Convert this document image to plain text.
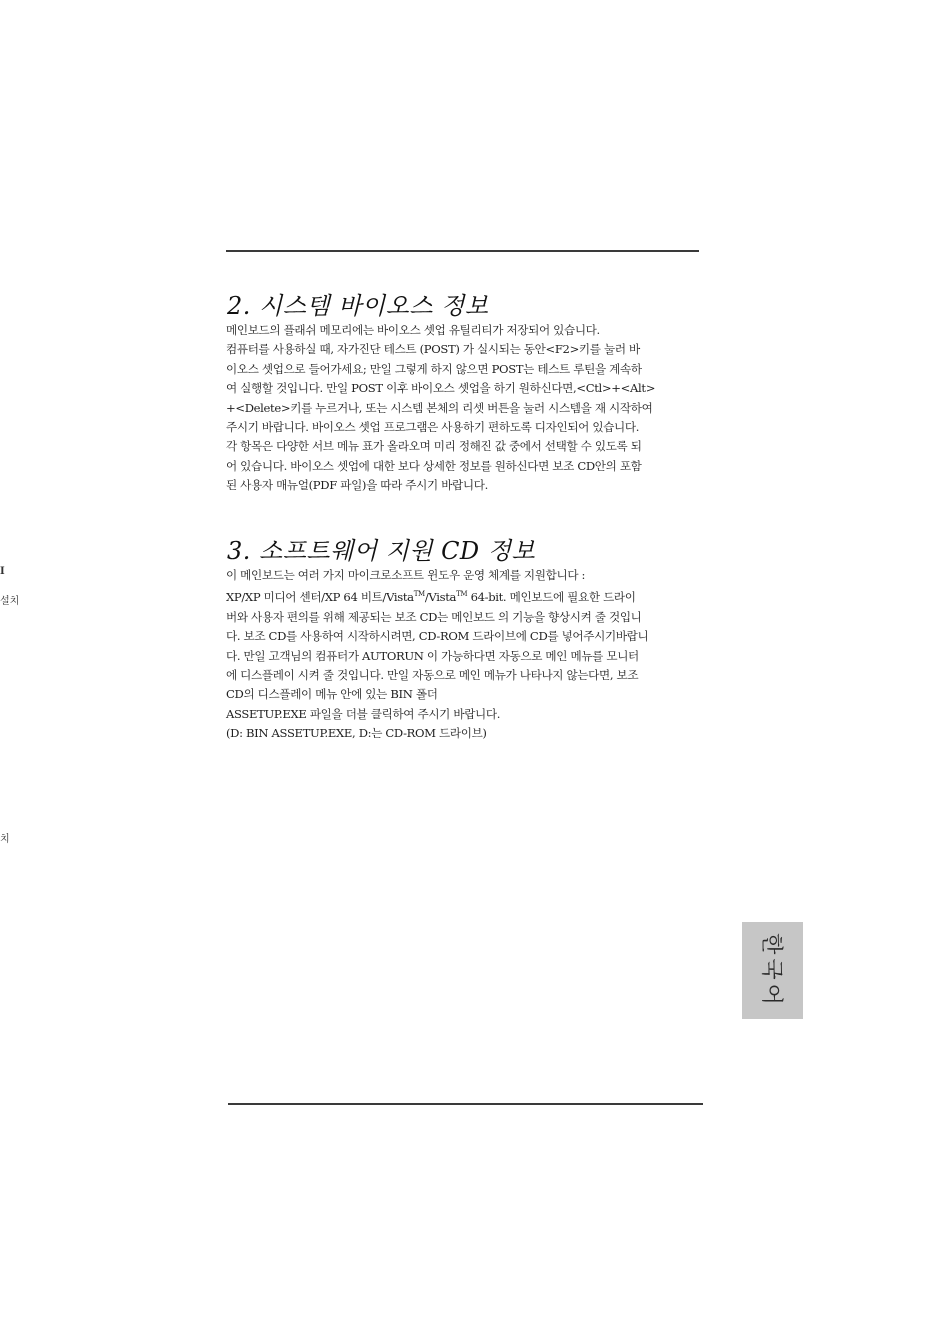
2. 시스템 바이오스 정보
메인보드의 플래쉬 메모리에는 바이오스 셋업 유틸리티가 저장되어 있습니다.
컴퓨터를 사용하실 때, 자가진단 테스트 (POST) 가 실시되는 동안<F2>키를 눌러 바
이오스 셋업으로 들어가세요; 만일 그렇게 하지 않으면 POST는 테스트 루틴을 계속하
여 실행할 것입니다. 만일 POST 이후 바이오스 셋업을 하기 원하신다면,<Ctl>+<Alt>
+<Delete>키를 누르거나, 또는 시스템 본체의 리셋 버튼을 눌러 시스템을 재 시작하여
주시기 바랍니다. 바이오스 셋업 프로그램은 사용하기 편하도록 디자인되어 있습니다.
각 항목은 다양한 서브 메뉴 표가 올라오며 미리 정해진 값 중에서 선택할 수 있도록 되
어 있습니다. 바이오스 셋업에 대한 보다 상세한 정보를 원하신다면 보조 CD안의 포함
된 사용자 매뉴얼(PDF 파일)을 따라 주시기 바랍니다.
3. 소프트웨어 지원 CD 정보
이 메인보드는 여러 가지 마이크로소프트 윈도우 운영 체계를 지원합니다 :
XP/XP 미디어 센터/XP 64 비트/Vista™/Vista™ 64-bit. 메인보드에 필요한 드라이
버와 사용자 편의를 위해 제공되는 보조 CD는 메인보드 의 기능을 향상시켜 줄 것입니
다. 보조 CD를 사용하여 시작하시려면, CD-ROM 드라이브에 CD를 넣어주시기바랍니
다. 만일 고객님의 컴퓨터가 AUTORUN 이 가능하다면 자동으로 메인 메뉴를 모니터
에 디스플레이 시켜 줄 것입니다. 만일 자동으로 메인 메뉴가 나타나지 않는다면, 보조
CD의 디스플레이 메뉴 안에 있는 BIN 폴더
ASSETUP.EXE 파일을 더블 클릭하여 주시기 바랍니다.
(D: BIN ASSETUP.EXE, D:는 CD-ROM 드라이브)
I
설치
치
한국어
